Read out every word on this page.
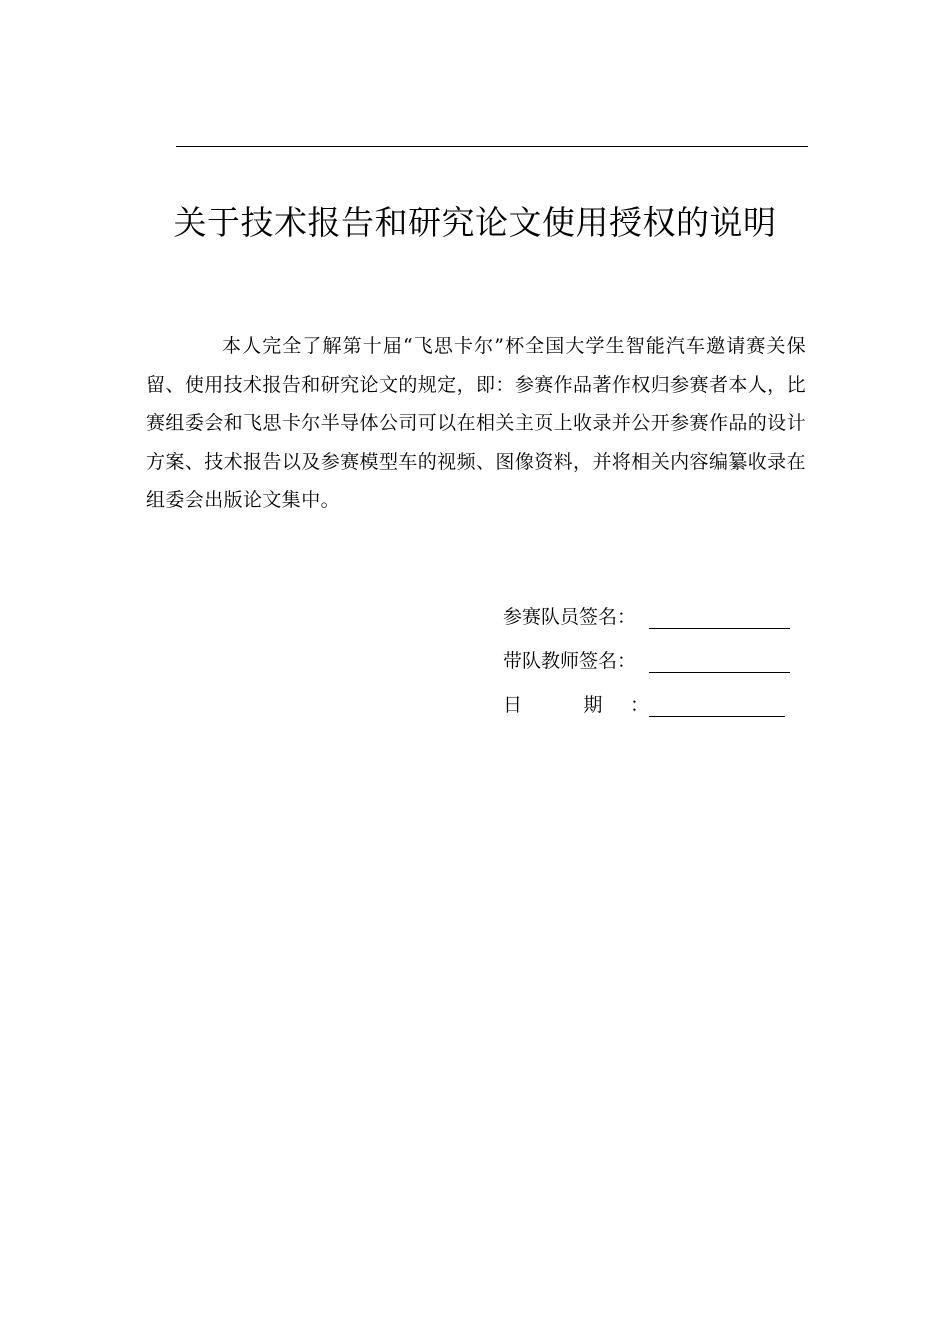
关于技术报告和研究论文使用授权的说明

本人完全了解第十届“飞思卡尔”杯全国大学生智能汽车邀请赛关保留、使用技术报告和研究论文的规定，即：参赛作品著作权归参赛者本人，比赛组委会和飞思卡尔半导体公司可以在相关主页上收录并公开参赛作品的设计方案、技术报告以及参赛模型车的视频、图像资料，并将相关内容编纂收录在组委会出版论文集中。

参赛队员签名：
带队教师签名：
日 期：
